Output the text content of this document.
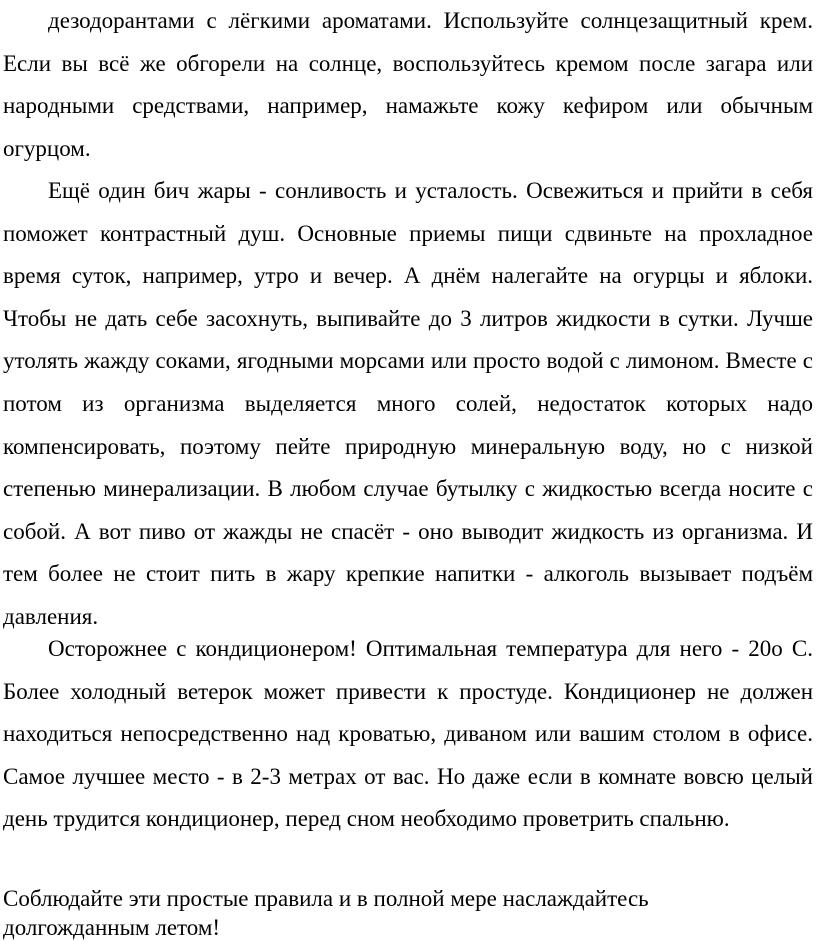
дезодорантами с лёгкими ароматами. Используйте солнцезащитный крем. Если вы всё же обгорели на солнце, воспользуйтесь кремом после загара или народными средствами, например, намажьте кожу кефиром или обычным огурцом.

Ещё один бич жары - сонливость и усталость. Освежиться и прийти в себя поможет контрастный душ. Основные приемы пищи сдвиньте на прохладное время суток, например, утро и вечер. А днём налегайте на огурцы и яблоки. Чтобы не дать себе засохнуть, выпивайте до 3 литров жидкости в сутки. Лучше утолять жажду соками, ягодными морсами или просто водой с лимоном. Вместе с потом из организма выделяется много солей, недостаток которых надо компенсировать, поэтому пейте природную минеральную воду, но с низкой степенью минерализации. В любом случае бутылку с жидкостью всегда носите с собой. А вот пиво от жажды не спасёт - оно выводит жидкость из организма. И тем более не стоит пить в жару крепкие напитки - алкоголь вызывает подъём давления.

Осторожнее с кондиционером! Оптимальная температура для него - 20о С. Более холодный ветерок может привести к простуде. Кондиционер не должен находиться непосредственно над кроватью, диваном или вашим столом в офисе. Самое лучшее место - в 2-3 метрах от вас. Но даже если в комнате вовсю целый день трудится кондиционер, перед сном необходимо проветрить спальню.

Соблюдайте эти простые правила и в полной мере наслаждайтесь долгожданным летом!
